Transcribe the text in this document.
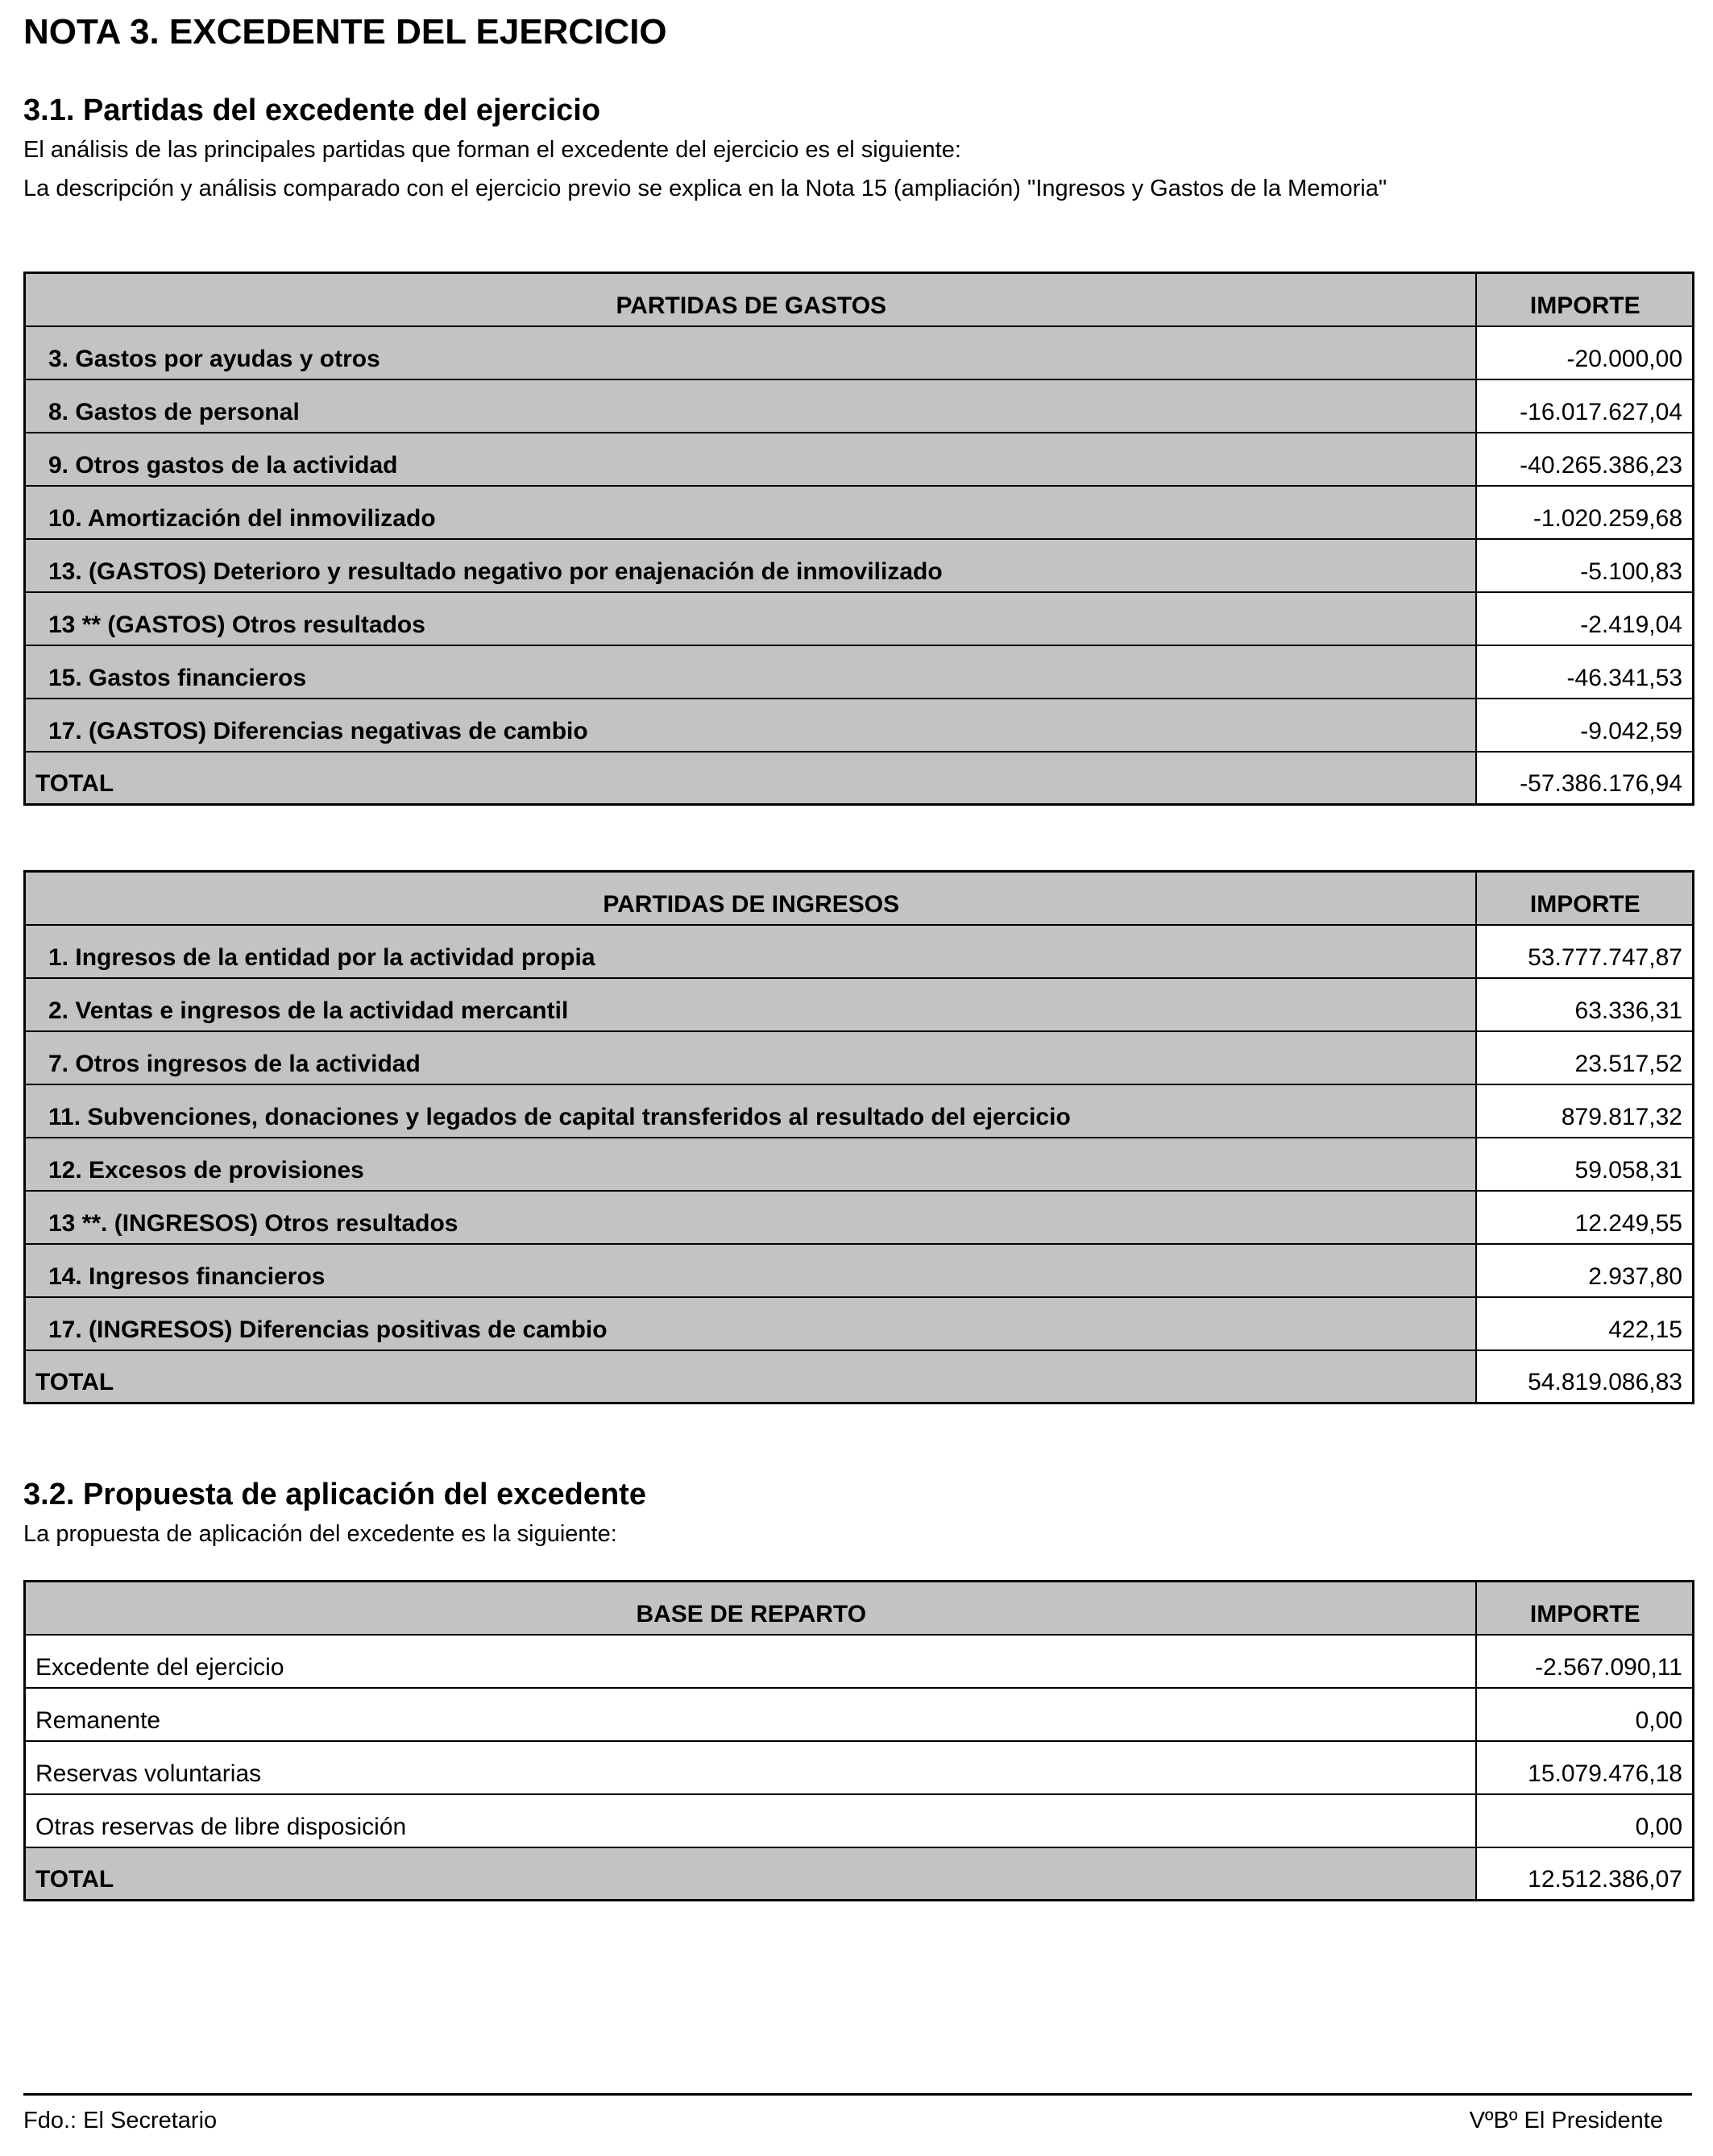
NOTA 3. EXCEDENTE DEL EJERCICIO
3.1. Partidas del excedente del ejercicio

El análisis de las principales partidas que forman el excedente del ejercicio es el siguiente:

La descripción y análisis comparado con el ejercicio previo se explica en la Nota 15 (ampliación) "Ingresos y Gastos de la Memoria"

PARTIDAS DE GASTOS	IMPORTE
3. Gastos por ayudas y otros	-20.000,00
8. Gastos de personal	-16.017.627,04
9. Otros gastos de la actividad	-40.265.386,23
10. Amortización del inmovilizado	-1.020.259,68
13. (GASTOS) Deterioro y resultado negativo por enajenación de inmovilizado	-5.100,83
13 ** (GASTOS) Otros resultados	-2.419,04
15. Gastos financieros	-46.341,53
17. (GASTOS) Diferencias negativas de cambio	-9.042,59
TOTAL	-57.386.176,94
PARTIDAS DE INGRESOS	IMPORTE
1. Ingresos de la entidad por la actividad propia	53.777.747,87
2. Ventas e ingresos de la actividad mercantil	63.336,31
7. Otros ingresos de la actividad	23.517,52
11. Subvenciones, donaciones y legados de capital transferidos al resultado del ejercicio	879.817,32
12. Excesos de provisiones	59.058,31
13 **. (INGRESOS) Otros resultados	12.249,55
14. Ingresos financieros	2.937,80
17. (INGRESOS) Diferencias positivas de cambio	422,15
TOTAL	54.819.086,83
3.2. Propuesta de aplicación del excedente

La propuesta de aplicación del excedente es la siguiente:

BASE DE REPARTO	IMPORTE
Excedente del ejercicio	-2.567.090,11
Remanente	0,00
Reservas voluntarias	15.079.476,18
Otras reservas de libre disposición	0,00
TOTAL	12.512.386,07
Fdo.: El Secretario	VºBº El Presidente
